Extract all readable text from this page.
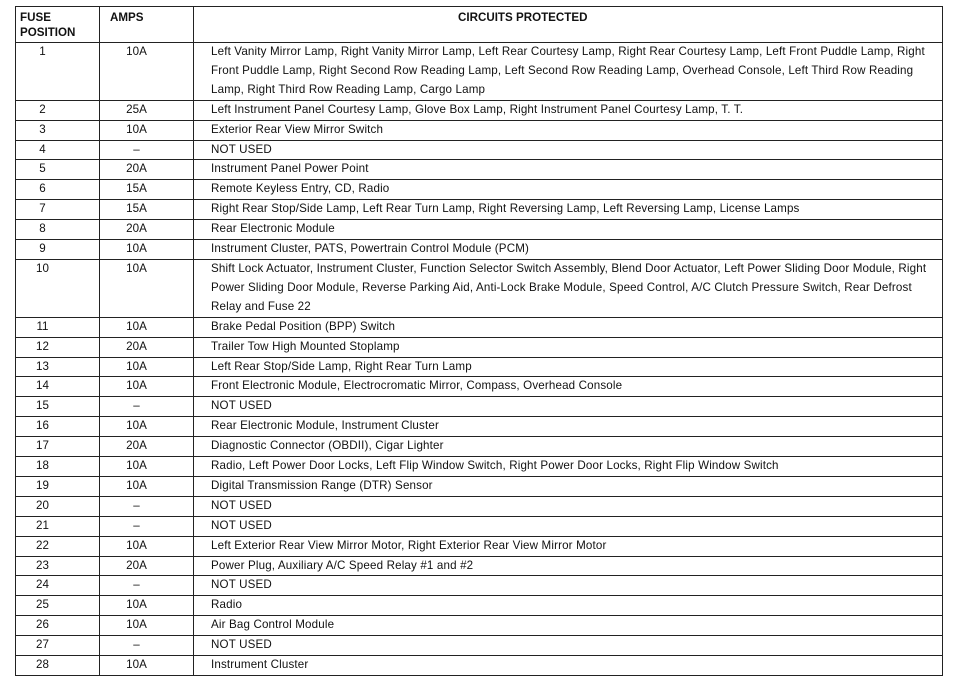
FUSE
POSITION	AMPS	CIRCUITS PROTECTED
1	10A	Left Vanity Mirror Lamp, Right Vanity Mirror Lamp, Left Rear Courtesy Lamp, Right Rear Courtesy Lamp, Left Front Puddle Lamp, Right Front Puddle Lamp, Right Second Row Reading Lamp, Left Second Row Reading Lamp, Overhead Console, Left Third Row Reading Lamp, Right Third Row Reading Lamp, Cargo Lamp
2	25A	Left Instrument Panel Courtesy Lamp, Glove Box Lamp, Right Instrument Panel Courtesy Lamp, T. T.
3	10A	Exterior Rear View Mirror Switch
4	–	NOT USED
5	20A	Instrument Panel Power Point
6	15A	Remote Keyless Entry, CD, Radio
7	15A	Right Rear Stop/Side Lamp, Left Rear Turn Lamp, Right Reversing Lamp, Left Reversing Lamp, License Lamps
8	20A	Rear Electronic Module
9	10A	Instrument Cluster, PATS, Powertrain Control Module (PCM)
10	10A	Shift Lock Actuator, Instrument Cluster, Function Selector Switch Assembly, Blend Door Actuator, Left Power Sliding Door Module, Right Power Sliding Door Module, Reverse Parking Aid, Anti-Lock Brake Module, Speed Control, A/C Clutch Pressure Switch, Rear Defrost Relay and Fuse 22
11	10A	Brake Pedal Position (BPP) Switch
12	20A	Trailer Tow High Mounted Stoplamp
13	10A	Left Rear Stop/Side Lamp, Right Rear Turn Lamp
14	10A	Front Electronic Module, Electrocromatic Mirror, Compass, Overhead Console
15	–	NOT USED
16	10A	Rear Electronic Module, Instrument Cluster
17	20A	Diagnostic Connector (OBDII), Cigar Lighter
18	10A	Radio, Left Power Door Locks, Left Flip Window Switch, Right Power Door Locks, Right Flip Window Switch
19	10A	Digital Transmission Range (DTR) Sensor
20	–	NOT USED
21	–	NOT USED
22	10A	Left Exterior Rear View Mirror Motor, Right Exterior Rear View Mirror Motor
23	20A	Power Plug, Auxiliary A/C Speed Relay #1 and #2
24	–	NOT USED
25	10A	Radio
26	10A	Air Bag Control Module
27	–	NOT USED
28	10A	Instrument Cluster
